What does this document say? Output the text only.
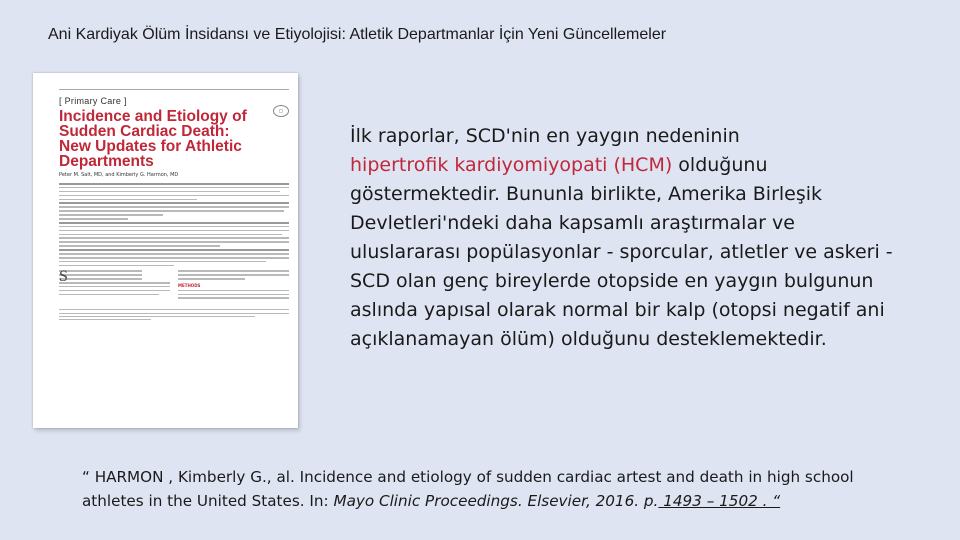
Ani Kardiyak Ölüm İnsidansı ve Etiyolojisi: Atletik Departmanlar İçin Yeni Güncellemeler

◯
[ Primary Care ]
Incidence and Etiology of Sudden Cardiac Death: New Updates for Athletic Departments
Peter M. Salt, MD, and Kimberly G. Harmon, MD
S	METHODS
İlk raporlar, SCD'nin en yaygın nedeninin
hipertrofik kardiyomiyopati (HCM) olduğunu göstermektedir. Bununla birlikte, Amerika Birleşik Devletleri'ndeki daha kapsamlı araştırmalar ve uluslararası popülasyonlar - sporcular, atletler ve askeri - SCD olan genç bireylerde otopside en yaygın bulgunun aslında yapısal olarak normal bir kalp (otopsi negatif ani açıklanamayan ölüm) olduğunu desteklemektedir.
“ HARMON , Kimberly G., al. Incidence and etiology of sudden cardiac artest and death in high school athletes in the United States. In: Mayo Clinic Proceedings. Elsevier, 2016. p. 1493 – 1502 . “
